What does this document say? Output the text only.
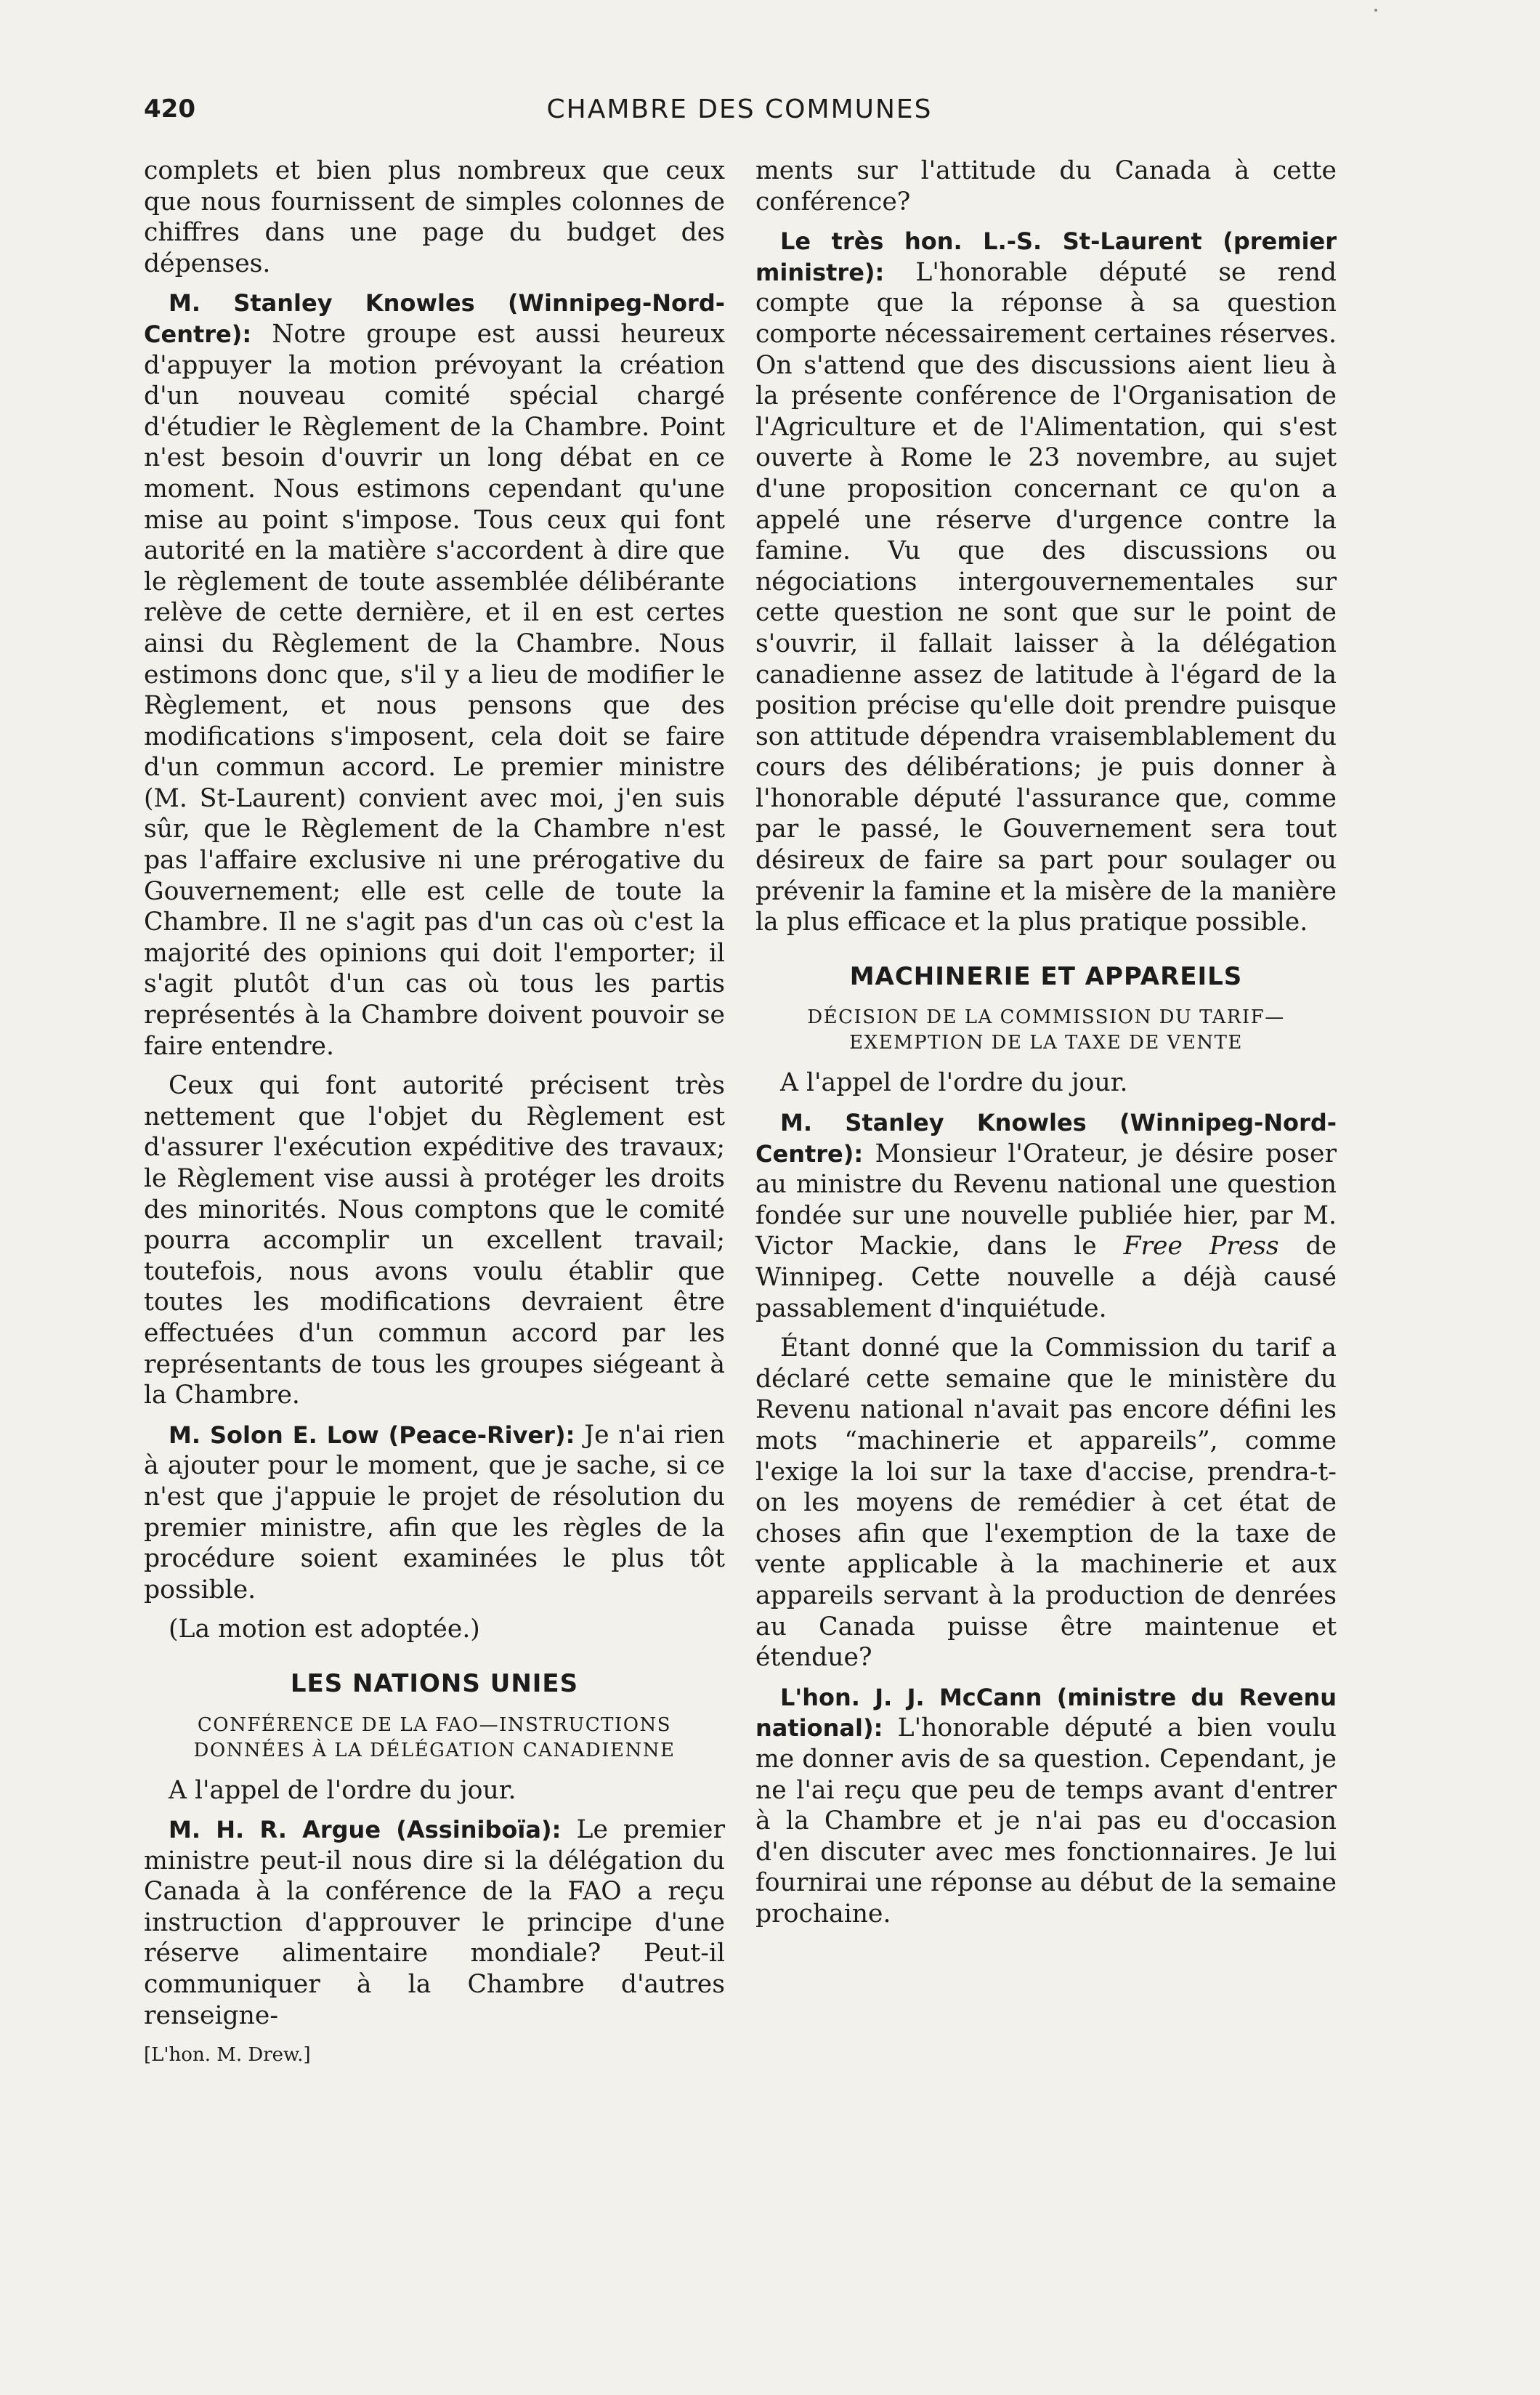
420	CHAMBRE DES COMMUNES

complets et bien plus nombreux que ceux que nous fournissent de simples colonnes de chiffres dans une page du budget des dépenses.

M. Stanley Knowles (Winnipeg-Nord-Centre): Notre groupe est aussi heureux d'appuyer la motion prévoyant la création d'un nouveau comité spécial chargé d'étudier le Règlement de la Chambre. Point n'est besoin d'ouvrir un long débat en ce moment. Nous estimons cependant qu'une mise au point s'impose. Tous ceux qui font autorité en la matière s'accordent à dire que le règlement de toute assemblée délibérante relève de cette dernière, et il en est certes ainsi du Règlement de la Chambre. Nous estimons donc que, s'il y a lieu de modifier le Règlement, et nous pensons que des modifications s'imposent, cela doit se faire d'un commun accord. Le premier ministre (M. St-Laurent) convient avec moi, j'en suis sûr, que le Règlement de la Chambre n'est pas l'affaire exclusive ni une prérogative du Gouvernement; elle est celle de toute la Chambre. Il ne s'agit pas d'un cas où c'est la majorité des opinions qui doit l'emporter; il s'agit plutôt d'un cas où tous les partis représentés à la Chambre doivent pouvoir se faire entendre.

Ceux qui font autorité précisent très nettement que l'objet du Règlement est d'assurer l'exécution expéditive des travaux; le Règlement vise aussi à protéger les droits des minorités. Nous comptons que le comité pourra accomplir un excellent travail; toutefois, nous avons voulu établir que toutes les modifications devraient être effectuées d'un commun accord par les représentants de tous les groupes siégeant à la Chambre.

M. Solon E. Low (Peace-River): Je n'ai rien à ajouter pour le moment, que je sache, si ce n'est que j'appuie le projet de résolution du premier ministre, afin que les règles de la procédure soient examinées le plus tôt possible.

(La motion est adoptée.)

LES NATIONS UNIES
CONFÉRENCE DE LA FAO—INSTRUCTIONS
DONNÉES À LA DÉLÉGATION CANADIENNE

A l'appel de l'ordre du jour.

M. H. R. Argue (Assiniboïa): Le premier ministre peut-il nous dire si la délégation du Canada à la conférence de la FAO a reçu instruction d'approuver le principe d'une réserve alimentaire mondiale? Peut-il communiquer à la Chambre d'autres renseigne-

[L'hon. M. Drew.]

ments sur l'attitude du Canada à cette conférence?

Le très hon. L.-S. St-Laurent (premier ministre): L'honorable député se rend compte que la réponse à sa question comporte nécessairement certaines réserves. On s'attend que des discussions aient lieu à la présente conférence de l'Organisation de l'Agriculture et de l'Alimentation, qui s'est ouverte à Rome le 23 novembre, au sujet d'une proposition concernant ce qu'on a appelé une réserve d'urgence contre la famine. Vu que des discussions ou négociations intergouvernementales sur cette question ne sont que sur le point de s'ouvrir, il fallait laisser à la délégation canadienne assez de latitude à l'égard de la position précise qu'elle doit prendre puisque son attitude dépendra vraisemblablement du cours des délibérations; je puis donner à l'honorable député l'assurance que, comme par le passé, le Gouvernement sera tout désireux de faire sa part pour soulager ou prévenir la famine et la misère de la manière la plus efficace et la plus pratique possible.

MACHINERIE ET APPAREILS
DÉCISION DE LA COMMISSION DU TARIF—
EXEMPTION DE LA TAXE DE VENTE

A l'appel de l'ordre du jour.

M. Stanley Knowles (Winnipeg-Nord-Centre): Monsieur l'Orateur, je désire poser au ministre du Revenu national une question fondée sur une nouvelle publiée hier, par M. Victor Mackie, dans le Free Press de Winnipeg. Cette nouvelle a déjà causé passablement d'inquiétude.

Étant donné que la Commission du tarif a déclaré cette semaine que le ministère du Revenu national n'avait pas encore défini les mots “machinerie et appareils”, comme l'exige la loi sur la taxe d'accise, prendra-t-on les moyens de remédier à cet état de choses afin que l'exemption de la taxe de vente applicable à la machinerie et aux appareils servant à la production de denrées au Canada puisse être maintenue et étendue?

L'hon. J. J. McCann (ministre du Revenu national): L'honorable député a bien voulu me donner avis de sa question. Cependant, je ne l'ai reçu que peu de temps avant d'entrer à la Chambre et je n'ai pas eu d'occasion d'en discuter avec mes fonctionnaires. Je lui fournirai une réponse au début de la semaine prochaine.
